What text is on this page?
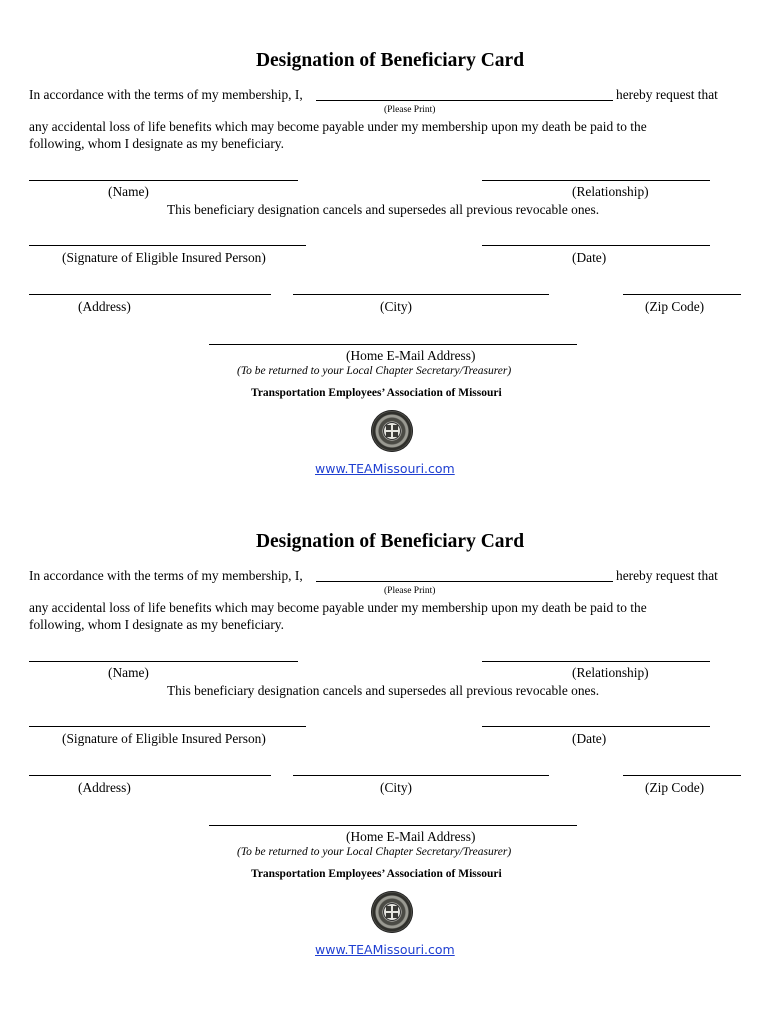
Designation of Beneficiary Card
In accordance with the terms of my membership, I,	hereby request that
(Please Print)
any accidental loss of life benefits which may become payable under my membership upon my death be paid to the
following, whom I designate as my beneficiary.
(Name)	(Relationship)
This beneficiary designation cancels and supersedes all previous revocable ones.
(Signature of Eligible Insured Person)	(Date)
(Address)	(City)	(Zip Code)
(Home E-Mail Address)
(To be returned to your Local Chapter Secretary/Treasurer)
Transportation Employees’ Association of Missouri
www.TEAMissouri.com
Designation of Beneficiary Card
In accordance with the terms of my membership, I,	hereby request that
(Please Print)
any accidental loss of life benefits which may become payable under my membership upon my death be paid to the
following, whom I designate as my beneficiary.
(Name)	(Relationship)
This beneficiary designation cancels and supersedes all previous revocable ones.
(Signature of Eligible Insured Person)	(Date)
(Address)	(City)	(Zip Code)
(Home E-Mail Address)
(To be returned to your Local Chapter Secretary/Treasurer)
Transportation Employees’ Association of Missouri
www.TEAMissouri.com
